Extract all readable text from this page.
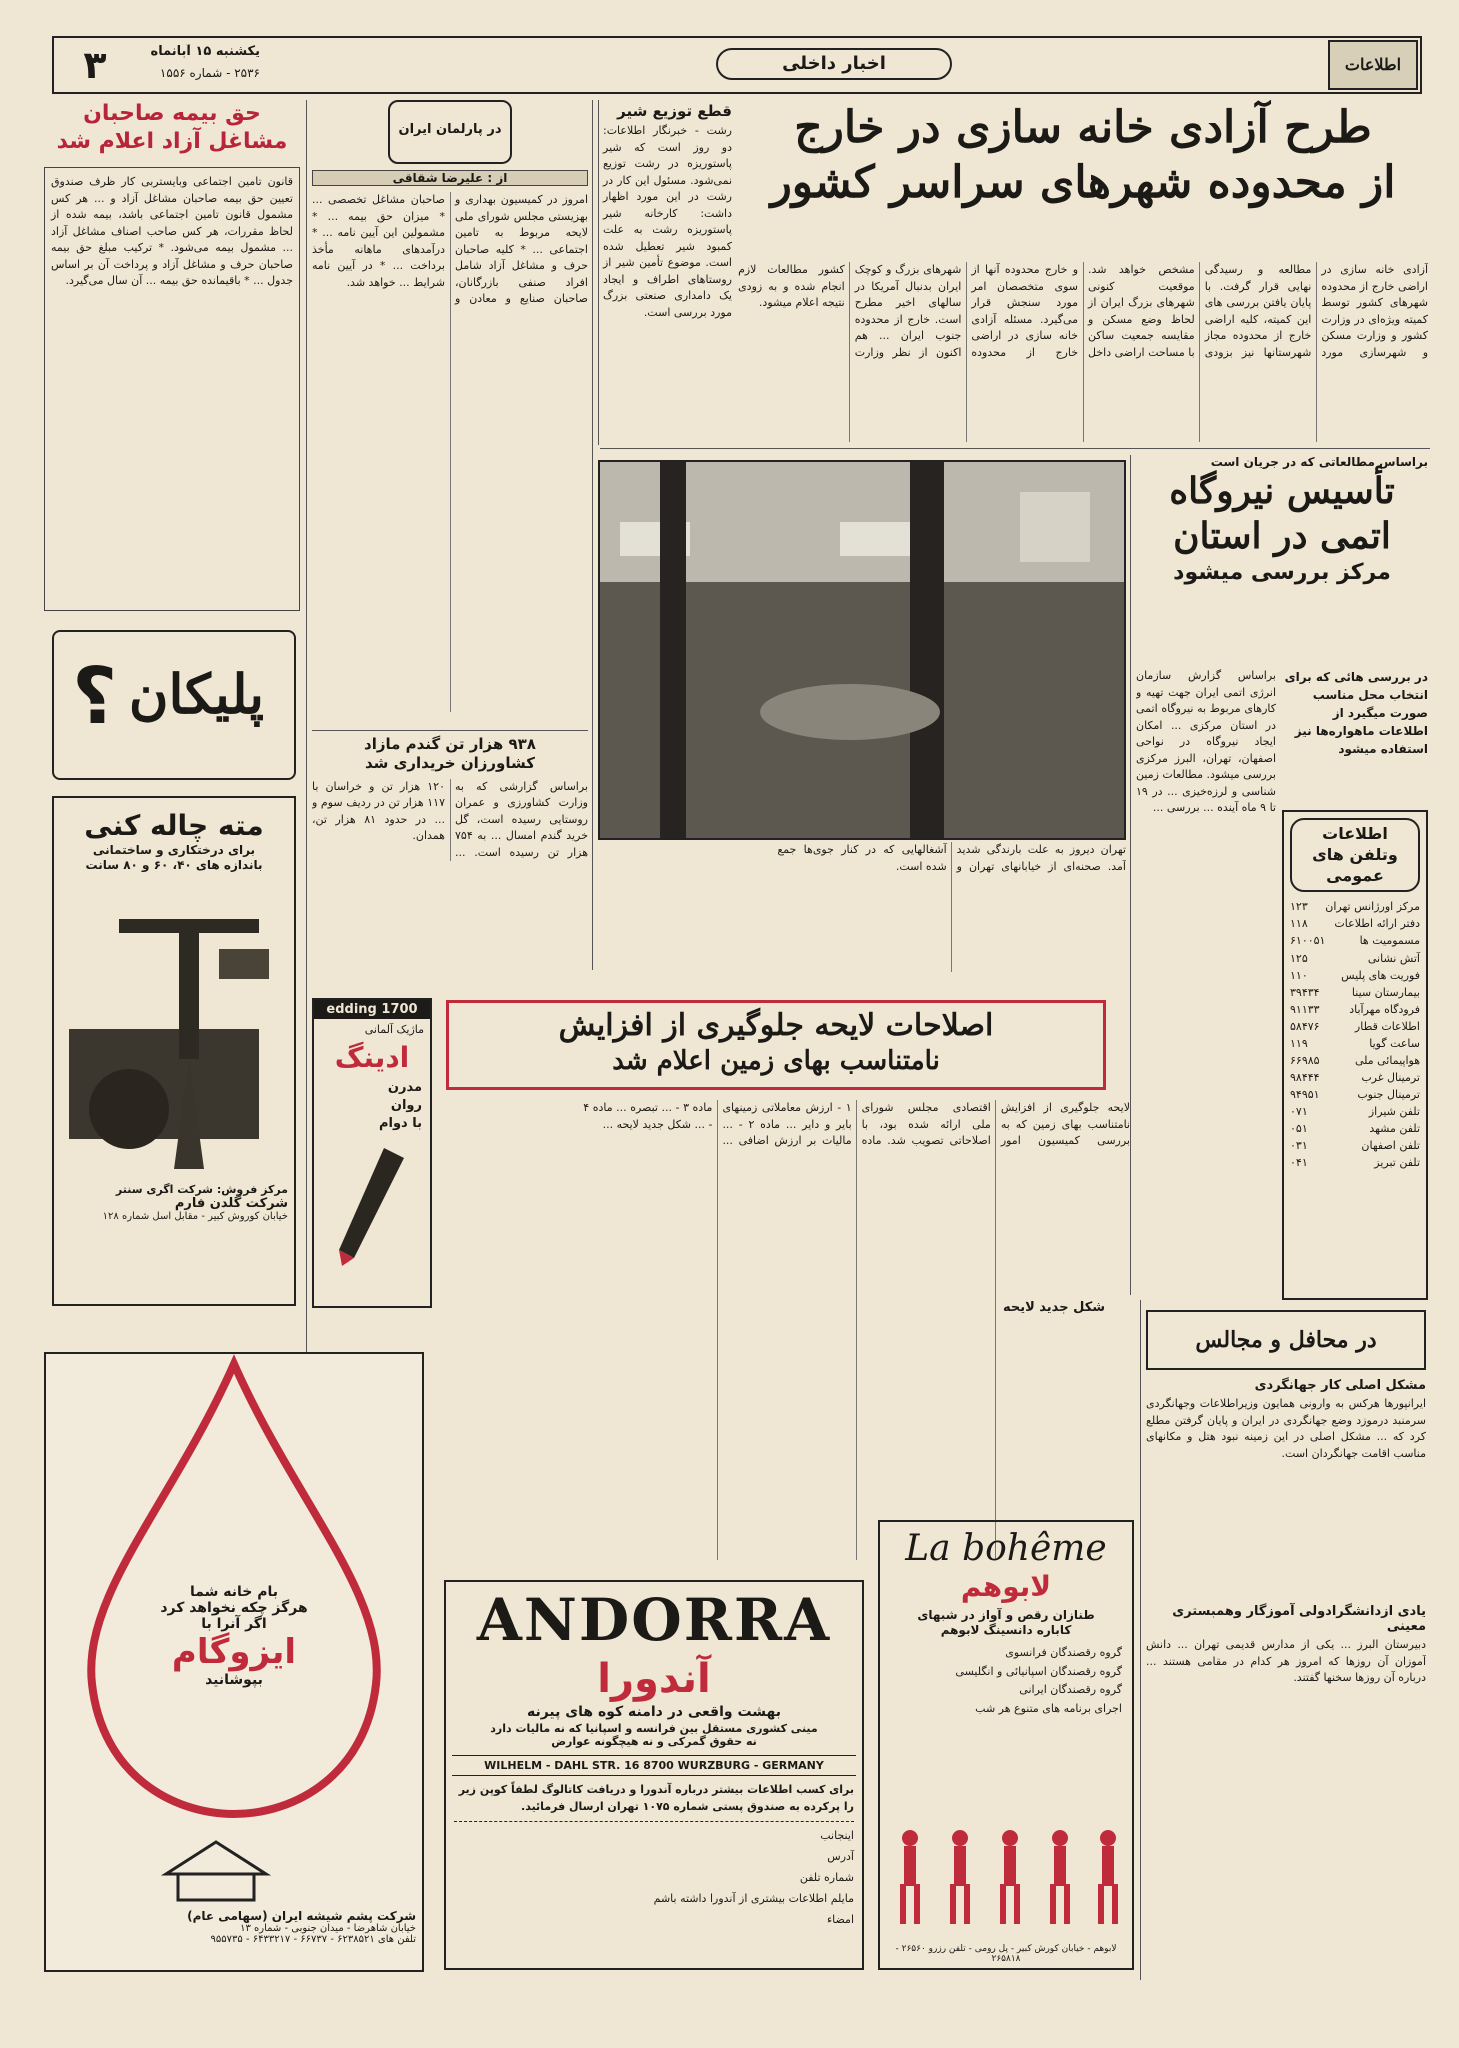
۳	یکشنبه ۱۵ آبانماه
۲۵۳۶ - شماره ۱۵۵۶	اخبار داخلی	اطلاعات
طرح آزادی خانه سازی در خارج
از محدوده شهرهای سراسر کشور
آزادی خانه سازی در اراضی خارج از محدوده شهرهای کشور توسط کمیته ویژه‌ای در وزارت کشور و وزارت مسکن و شهرسازی مورد مطالعه و رسیدگی نهایی قرار گرفت. با پایان یافتن بررسی های این کمیته، کلیه اراضی خارج از محدوده مجاز شهرستانها نیز بزودی مشخص خواهد شد. موقعیت کنونی شهرهای بزرگ ایران از لحاظ وضع مسکن و مقایسه جمعیت ساکن با مساحت اراضی داخل و خارج محدوده آنها از سوی متخصصان امر مورد سنجش قرار می‌گیرد. مسئله آزادی خانه سازی در اراضی خارج از محدوده شهرهای بزرگ و کوچک ایران بدنبال آمریکا در سالهای اخیر مطرح است. خارج از محدوده جنوب ایران ... هم اکنون از نظر وزارت کشور مطالعات لازم انجام شده و به زودی نتیجه اعلام میشود.
قطع توزیع شیر
رشت - خبرنگار اطلاعات: دو روز است که شیر پاستوریزه در رشت توزیع نمی‌شود. مسئول این کار در رشت در این مورد اظهار داشت: کارخانه شیر پاستوریزه رشت به علت کمبود شیر تعطیل شده است. موضوع تأمین شیر از روستاهای اطراف و ایجاد یک دامداری صنعتی بزرگ مورد بررسی است.
حق بیمه صاحبان
مشاغل آزاد اعلام شد
قانون تامین اجتماعی وبایستربی کار ظرف صندوق تعیین حق بیمه صاحبان مشاغل آزاد و ... هر کس مشمول قانون تامین اجتماعی باشد، بیمه شده از لحاظ مقررات، هر کس صاحب اصناف مشاغل آزاد ... مشمول بیمه می‌شود. * ترکیب مبلغ حق بیمه صاحبان حرف و مشاغل آزاد و پرداخت آن بر اساس جدول ... * باقیمانده حق بیمه ... آن سال می‌گیرد.
در پارلمان ایران
از : علیرضا شقاقی
امروز در کمیسیون بهداری و بهزیستی مجلس شورای ملی لایحه مربوط به تامین اجتماعی ... * کلیه صاحبان حرف و مشاغل آزاد شامل افراد صنفی بازرگانان، صاحبان صنایع و معادن و صاحبان مشاغل تخصصی ... * میزان حق بیمه ... * مشمولین این آیین نامه ... * درآمدهای ماهانه مأخذ برداخت ... * در آیین نامه شرایط ... خواهد شد.
پلیکان
؟
۹۳۸ هزار تن گندم مازاد
کشاورزان خریداری شد
براساس گزارشی که به وزارت کشاورزی و عمران روستایی رسیده است، گل خرید گندم امسال ... به ۷۵۴ هزار تن رسیده است. ... ۱۲۰ هزار تن و خراسان با ۱۱۷ هزار تن در ردیف سوم و ... در حدود ۸۱ هزار تن، همدان.
مته چاله کنی
برای درختکاری و ساختمانی
باندازه های ۴۰، ۶۰ و ۸۰ سانت
مرکز فروش: شرکت اگری سنتر
شرکت گلدن فارم
خیابان کوروش کبیر - مقابل اسل شماره ۱۲۸
edding 1700
ماژیک آلمانی
ادینگ
مدرن
روان
با دوام
بام خانه شما
هرگز چکه نخواهد کرد
اگر آنرا با
ایزوگام
بپوشانید
شرکت پشم شیشه ایران (سهامی عام)
خیابان شاهرضا - میدان جنوبی - شماره ۱۳
تلفن های ۶۲۳۸۵۲۱ - ۶۶۷۳۷ - ۶۴۳۳۲۱۷ - ۹۵۵۷۳۵
تهران دیروز به علت بارندگی شدید آمد. صحنه‌ای از خیابانهای تهران و آشغالهایی که در کنار جوی‌ها جمع شده است.
براساس مطالعاتی که در جریان است
تأسیس نیروگاه
اتمی در استان
مرکز بررسی میشود
در بررسی هائی که برای انتخاب محل مناسب صورت میگیرد از اطلاعات ماهواره‌ها نیز استفاده میشود
براساس گزارش سازمان انرژی اتمی ایران جهت تهیه و کارهای مربوط به نیروگاه اتمی در استان مرکزی ... امکان ایجاد نیروگاه در نواحی اصفهان، تهران، البرز مرکزی بررسی میشود. مطالعات زمین شناسی و لرزه‌خیزی ... در ۱۹ تا ۹ ماه آینده ... بررسی ...
اطلاعات
وتلفن های
عمومی
مرکز اورژانس تهران
۱۲۳
دفتر ارائه اطلاعات
۱۱۸
مسمومیت ها
۶۱۰۰۵۱
آتش نشانی
۱۲۵
فوریت های پلیس
۱۱۰
بیمارستان سینا
۳۹۴۳۴
فرودگاه مهرآباد
۹۱۱۳۳
اطلاعات قطار
۵۸۴۷۶
ساعت گویا
۱۱۹
هواپیمائی ملی
۶۶۹۸۵
ترمینال غرب
۹۸۴۴۴
ترمینال جنوب
۹۴۹۵۱
تلفن شیراز
۰۷۱
تلفن مشهد
۰۵۱
تلفن اصفهان
۰۳۱
تلفن تبریز
۰۴۱
اصلاحات لایحه جلوگیری از افزایش
نامتناسب بهای زمین اعلام شد
لایحه جلوگیری از افزایش نامتناسب بهای زمین که به بررسی کمیسیون امور اقتصادی مجلس شورای ملی ارائه شده بود، با اصلاحاتی تصویب شد. ماده ۱ - ارزش معاملاتی زمینهای بایر و دایر ... ماده ۲ - ... مالیات بر ارزش اضافی ... ماده ۳ - ... تبصره ... ماده ۴ - ... شکل جدید لایحه ...
شکل جدید لایحه
در محافل و مجالس
مشکل اصلی کار جهانگردی
ایرانپورها هرکس به وارونی همایون وزیراطلاعات وجهانگردی سرمنبد درموزد وضع جهانگردی در ایران و پایان گرفتن مطلع کرد که ... مشکل اصلی در این زمینه نبود هتل و مکانهای مناسب اقامت جهانگردان است.
یادی ازدانشگرادولی آموزگار وهمبستری معینی
دبیرستان البرز ... یکی از مدارس قدیمی تهران ... دانش آموزان آن روزها که امروز هر کدام در مقامی هستند ... درباره آن روزها سخنها گفتند.
ANDORRA
آندورا
بهشت واقعی در دامنه کوه های پیرنه
مینی کشوری مستقل بین فرانسه و اسپانیا که نه مالیات دارد
نه حقوق گمرکی و نه هیچگونه عوارض
WILHELM - DAHL STR. 16 8700 WURZBURG - GERMANY
برای کسب اطلاعات بیشتر درباره آندورا و دریافت کاتالوگ لطفاً کوپن زیر را پرکرده به صندوق پستی شماره ۱۰۷۵ تهران ارسال فرمائید.
اینجانب
آدرس
شماره تلفن
مایلم اطلاعات بیشتری از آندورا داشته باشم
امضاء
La bohême
لابوهم
طنازان رقص و آواز در شبهای
کاباره دانسینگ لابوهم
گروه رقصندگان فرانسوی
گروه رقصندگان اسپانیائی و انگلیسی
گروه رقصندگان ایرانی
اجرای برنامه های متنوع هر شب
لابوهم - خیابان کورش کبیر - پل رومی - تلفن رزرو ۲۶۵۶۰ - ۲۶۵۸۱۸
